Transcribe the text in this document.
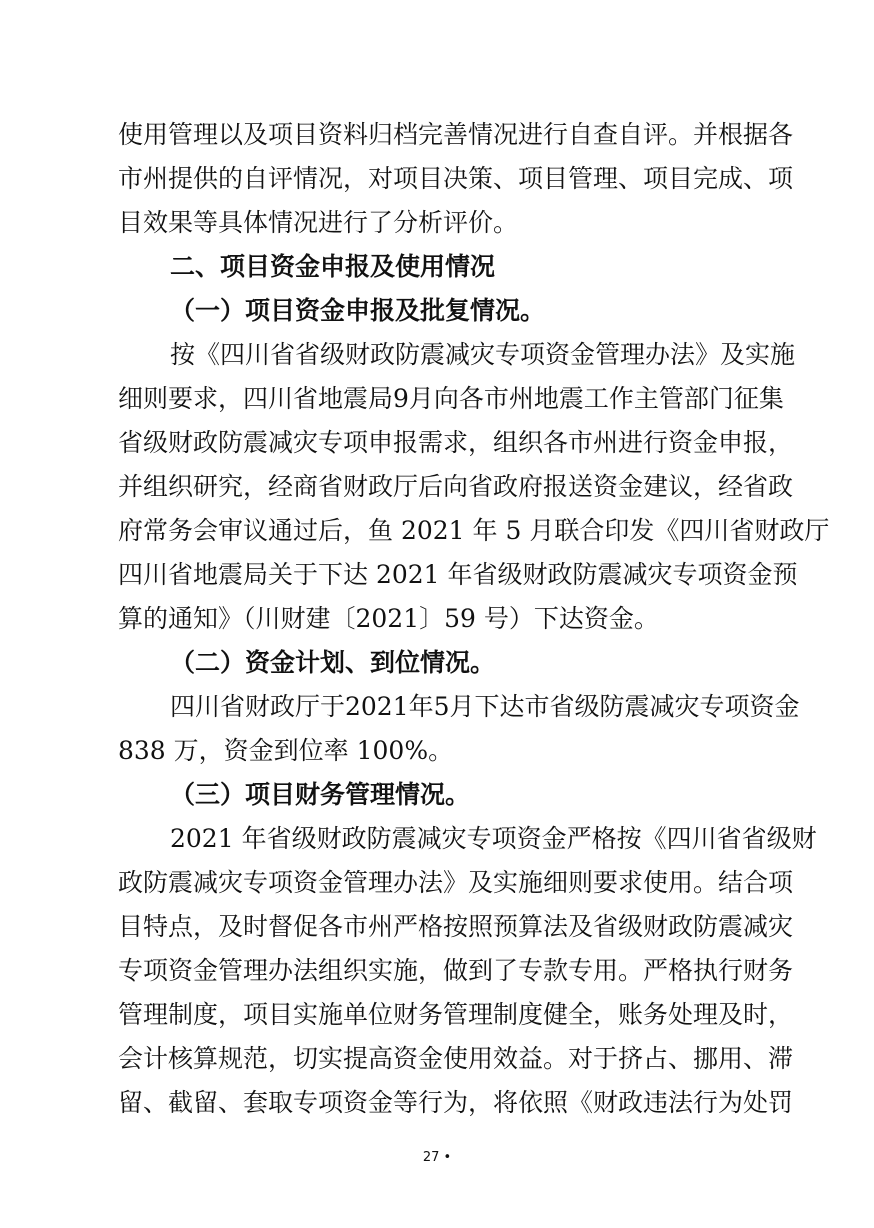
使用管理以及项目资料归档完善情况进行自查自评。并根据各
市州提供的自评情况，对项目决策、项目管理、项目完成、项
目效果等具体情况进行了分析评价。
二、项目资金申报及使用情况
（一）项目资金申报及批复情况。
按《四川省省级财政防震减灾专项资金管理办法》及实施
细则要求，四川省地震局9月向各市州地震工作主管部门征集
省级财政防震减灾专项申报需求，组织各市州进行资金申报，
并组织研究，经商省财政厅后向省政府报送资金建议，经省政
府常务会审议通过后，鱼 2021 年 5 月联合印发《四川省财政厅
四川省地震局关于下达 2021 年省级财政防震减灾专项资金预
算的通知》（川财建〔2021〕59 号）下达资金。
（二）资金计划、到位情况。
四川省财政厅于2021年5月下达市省级防震减灾专项资金
838 万，资金到位率 100%。
（三）项目财务管理情况。
2021 年省级财政防震减灾专项资金严格按《四川省省级财
政防震减灾专项资金管理办法》及实施细则要求使用。结合项
目特点，及时督促各市州严格按照预算法及省级财政防震减灾
专项资金管理办法组织实施，做到了专款专用。严格执行财务
管理制度，项目实施单位财务管理制度健全，账务处理及时，
会计核算规范，切实提高资金使用效益。对于挤占、挪用、滞
留、截留、套取专项资金等行为，将依照《财政违法行为处罚
27 •
